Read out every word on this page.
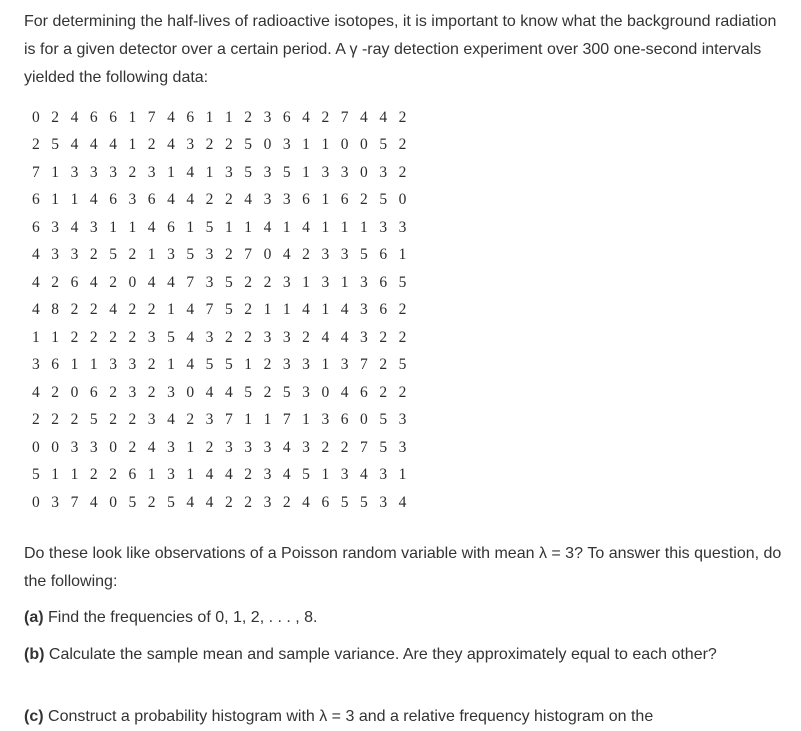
For determining the half-lives of radioactive isotopes, it is important to know what the background radiation is for a given detector over a certain period. A γ -ray detection experiment over 300 one-second intervals yielded the following data:

0	2	4	6	6	1	7	4	6	1	1	2	3	6	4	2	7	4	4	2
2	5	4	4	4	1	2	4	3	2	2	5	0	3	1	1	0	0	5	2
7	1	3	3	3	2	3	1	4	1	3	5	3	5	1	3	3	0	3	2
6	1	1	4	6	3	6	4	4	2	2	4	3	3	6	1	6	2	5	0
6	3	4	3	1	1	4	6	1	5	1	1	4	1	4	1	1	1	3	3
4	3	3	2	5	2	1	3	5	3	2	7	0	4	2	3	3	5	6	1
4	2	6	4	2	0	4	4	7	3	5	2	2	3	1	3	1	3	6	5
4	8	2	2	4	2	2	1	4	7	5	2	1	1	4	1	4	3	6	2
1	1	2	2	2	2	3	5	4	3	2	2	3	3	2	4	4	3	2	2
3	6	1	1	3	3	2	1	4	5	5	1	2	3	3	1	3	7	2	5
4	2	0	6	2	3	2	3	0	4	4	5	2	5	3	0	4	6	2	2
2	2	2	5	2	2	3	4	2	3	7	1	1	7	1	3	6	0	5	3
0	0	3	3	0	2	4	3	1	2	3	3	3	4	3	2	2	7	5	3
5	1	1	2	2	6	1	3	1	4	4	2	3	4	5	1	3	4	3	1
0	3	7	4	0	5	2	5	4	4	2	2	3	2	4	6	5	5	3	4

Do these look like observations of a Poisson random variable with mean λ = 3? To answer this question, do the following:

(a) Find the frequencies of 0, 1, 2, . . . , 8.

(b) Calculate the sample mean and sample variance. Are they approximately equal to each other?

(c) Construct a probability histogram with λ = 3 and a relative frequency histogram on the
